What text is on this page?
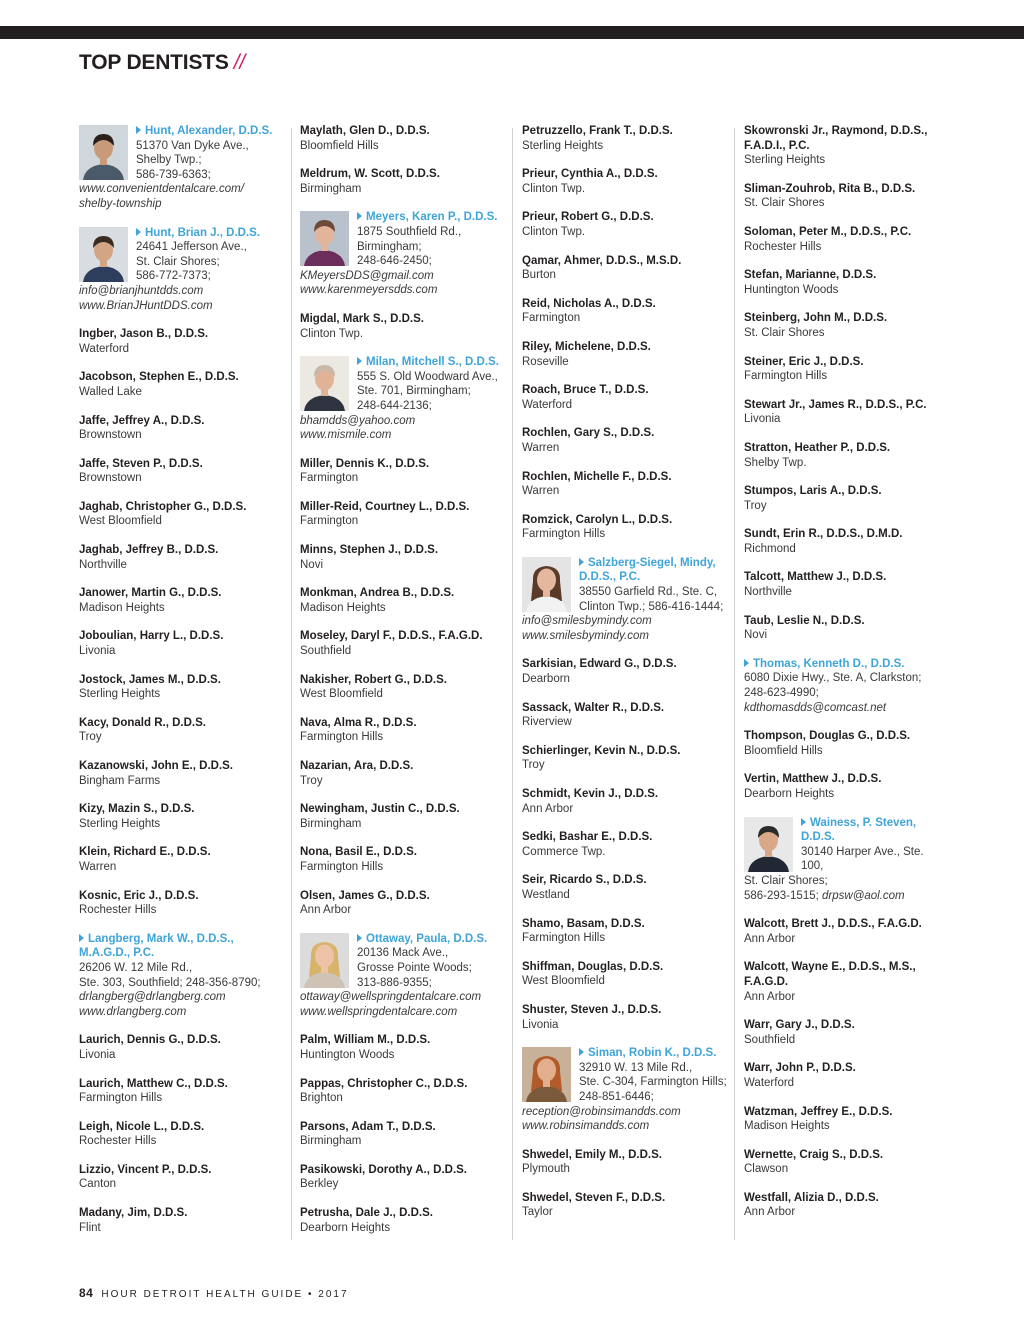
TOP DENTISTS //
Hunt, Alexander, D.D.S.
51370 Van Dyke Ave.,
Shelby Twp.;
586-739-6363;
www.convenientdentalcare.com/
shelby-township
Hunt, Brian J., D.D.S.
24641 Jefferson Ave.,
St. Clair Shores;
586-772-7373;
info@brianjhuntdds.com
www.BrianJHuntDDS.com
Ingber, Jason B., D.D.S.
Waterford
Jacobson, Stephen E., D.D.S.
Walled Lake
Jaffe, Jeffrey A., D.D.S.
Brownstown
Jaffe, Steven P., D.D.S.
Brownstown
Jaghab, Christopher G., D.D.S.
West Bloomfield
Jaghab, Jeffrey B., D.D.S.
Northville
Janower, Martin G., D.D.S.
Madison Heights
Joboulian, Harry L., D.D.S.
Livonia
Jostock, James M., D.D.S.
Sterling Heights
Kacy, Donald R., D.D.S.
Troy
Kazanowski, John E., D.D.S.
Bingham Farms
Kizy, Mazin S., D.D.S.
Sterling Heights
Klein, Richard E., D.D.S.
Warren
Kosnic, Eric J., D.D.S.
Rochester Hills
Langberg, Mark W., D.D.S., M.A.G.D., P.C.
26206 W. 12 Mile Rd.,
Ste. 303, Southfield; 248-356-8790;
drlangberg@drlangberg.com
www.drlangberg.com
Laurich, Dennis G., D.D.S.
Livonia
Laurich, Matthew C., D.D.S.
Farmington Hills
Leigh, Nicole L., D.D.S.
Rochester Hills
Lizzio, Vincent P., D.D.S.
Canton
Madany, Jim, D.D.S.
Flint
Maylath, Glen D., D.D.S.
Bloomfield Hills
Meldrum, W. Scott, D.D.S.
Birmingham
Meyers, Karen P., D.D.S.
1875 Southfield Rd.,
Birmingham;
248-646-2450;
KMeyersDDS@gmail.com
www.karenmeyersdds.com
Migdal, Mark S., D.D.S.
Clinton Twp.
Milan, Mitchell S., D.D.S.
555 S. Old Woodward Ave.,
Ste. 701, Birmingham;
248-644-2136;
bhamdds@yahoo.com
www.mismile.com
Miller, Dennis K., D.D.S.
Farmington
Miller-Reid, Courtney L., D.D.S.
Farmington
Minns, Stephen J., D.D.S.
Novi
Monkman, Andrea B., D.D.S.
Madison Heights
Moseley, Daryl F., D.D.S., F.A.G.D.
Southfield
Nakisher, Robert G., D.D.S.
West Bloomfield
Nava, Alma R., D.D.S.
Farmington Hills
Nazarian, Ara, D.D.S.
Troy
Newingham, Justin C., D.D.S.
Birmingham
Nona, Basil E., D.D.S.
Farmington Hills
Olsen, James G., D.D.S.
Ann Arbor
Ottaway, Paula, D.D.S.
20136 Mack Ave.,
Grosse Pointe Woods;
313-886-9355;
ottaway@wellspringdentalcare.com
www.wellspringdentalcare.com
Palm, William M., D.D.S.
Huntington Woods
Pappas, Christopher C., D.D.S.
Brighton
Parsons, Adam T., D.D.S.
Birmingham
Pasikowski, Dorothy A., D.D.S.
Berkley
Petrusha, Dale J., D.D.S.
Dearborn Heights
Petruzzello, Frank T., D.D.S.
Sterling Heights
Prieur, Cynthia A., D.D.S.
Clinton Twp.
Prieur, Robert G., D.D.S.
Clinton Twp.
Qamar, Ahmer, D.D.S., M.S.D.
Burton
Reid, Nicholas A., D.D.S.
Farmington
Riley, Michelene, D.D.S.
Roseville
Roach, Bruce T., D.D.S.
Waterford
Rochlen, Gary S., D.D.S.
Warren
Rochlen, Michelle F., D.D.S.
Warren
Romzick, Carolyn L., D.D.S.
Farmington Hills
Salzberg-Siegel, Mindy, D.D.S., P.C.
38550 Garfield Rd., Ste. C,
Clinton Twp.; 586-416-1444;
info@smilesbymindy.com
www.smilesbymindy.com
Sarkisian, Edward G., D.D.S.
Dearborn
Sassack, Walter R., D.D.S.
Riverview
Schierlinger, Kevin N., D.D.S.
Troy
Schmidt, Kevin J., D.D.S.
Ann Arbor
Sedki, Bashar E., D.D.S.
Commerce Twp.
Seir, Ricardo S., D.D.S.
Westland
Shamo, Basam, D.D.S.
Farmington Hills
Shiffman, Douglas, D.D.S.
West Bloomfield
Shuster, Steven J., D.D.S.
Livonia
Siman, Robin K., D.D.S.
32910 W. 13 Mile Rd.,
Ste. C-304, Farmington Hills;
248-851-6446;
reception@robinsimandds.com
www.robinsimandds.com
Shwedel, Emily M., D.D.S.
Plymouth
Shwedel, Steven F., D.D.S.
Taylor
Skowronski Jr., Raymond, D.D.S., F.A.D.I., P.C.
Sterling Heights
Sliman-Zouhrob, Rita B., D.D.S.
St. Clair Shores
Soloman, Peter M., D.D.S., P.C.
Rochester Hills
Stefan, Marianne, D.D.S.
Huntington Woods
Steinberg, John M., D.D.S.
St. Clair Shores
Steiner, Eric J., D.D.S.
Farmington Hills
Stewart Jr., James R., D.D.S., P.C.
Livonia
Stratton, Heather P., D.D.S.
Shelby Twp.
Stumpos, Laris A., D.D.S.
Troy
Sundt, Erin R., D.D.S., D.M.D.
Richmond
Talcott, Matthew J., D.D.S.
Northville
Taub, Leslie N., D.D.S.
Novi
Thomas, Kenneth D., D.D.S.
6080 Dixie Hwy., Ste. A, Clarkston;
248-623-4990;
kdthomasdds@comcast.net
Thompson, Douglas G., D.D.S.
Bloomfield Hills
Vertin, Matthew J., D.D.S.
Dearborn Heights
Wainess, P. Steven, D.D.S.
30140 Harper Ave., Ste. 100,
St. Clair Shores;
586-293-1515; drpsw@aol.com
Walcott, Brett J., D.D.S., F.A.G.D.
Ann Arbor
Walcott, Wayne E., D.D.S., M.S., F.A.G.D.
Ann Arbor
Warr, Gary J., D.D.S.
Southfield
Warr, John P., D.D.S.
Waterford
Watzman, Jeffrey E., D.D.S.
Madison Heights
Wernette, Craig S., D.D.S.
Clawson
Westfall, Alizia D., D.D.S.
Ann Arbor
84 HOUR DETROIT HEALTH GUIDE • 2017
